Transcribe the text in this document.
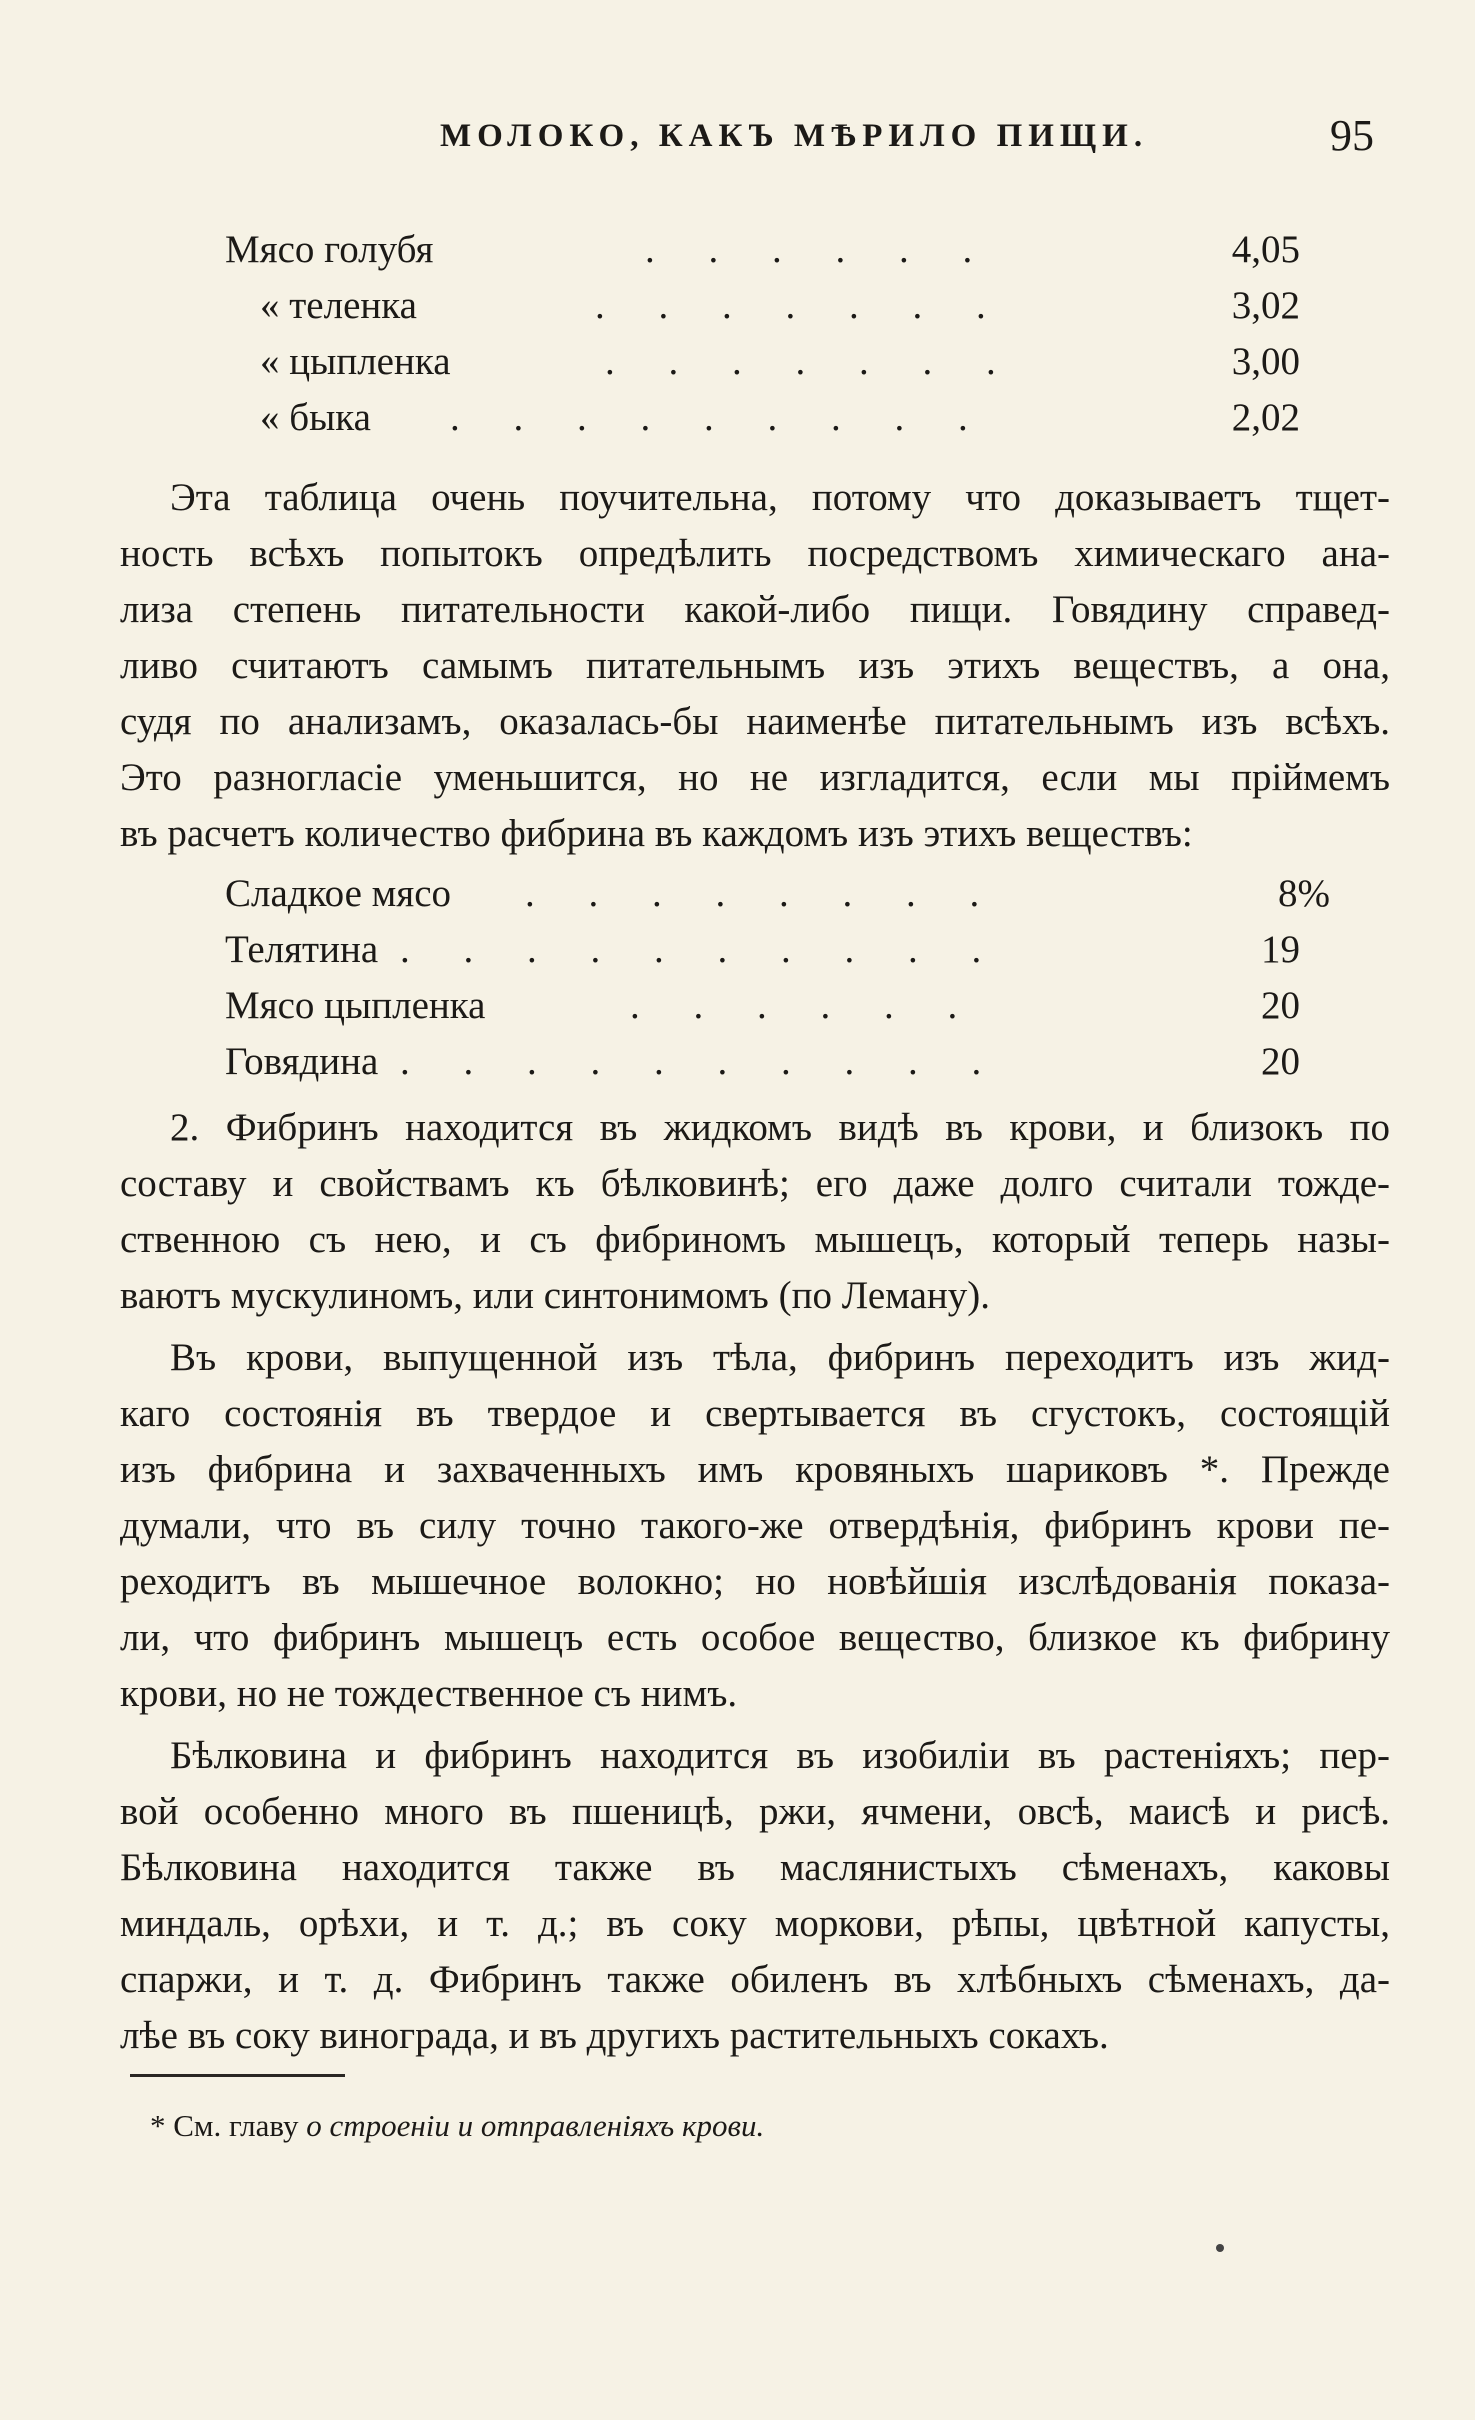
МОЛОКО, КАКЪ МѢРИЛО ПИЩИ.	95
Мясо голубя	. . . . . .	4,05
« теленка	. . . . . . .	3,02
« цыпленка	. . . . . . .	3,00
« быка . . . . . . . . .	2,02
Эта таблица очень поучительна, потому что доказываетъ тщет-
ность всѣхъ попытокъ опредѣлить посредствомъ химическаго ана-
лиза степень питательности какой-либо пищи. Говядину справед-
ливо считаютъ самымъ питательнымъ изъ этихъ веществъ, а она,
судя по анализамъ, оказалась-бы наименѣе питательнымъ изъ всѣхъ.
Это разногласіе уменьшится, но не изгладится, если мы пріймемъ
въ расчетъ количество фибрина въ каждомъ изъ этихъ веществъ:
Сладкое мясо . . . . . . . .	8%
Телятина . . . . . . . . . .	19
Мясо цыпленка	. . . . . .	20
Говядина . . . . . . . . . .	20
2. Фибринъ находится въ жидкомъ видѣ въ крови, и близокъ по
составу и свойствамъ къ бѣлковинѣ; его даже долго считали тожде-
ственною съ нею, и съ фибриномъ мышецъ, который теперь назы-
ваютъ мускулиномъ, или синтонимомъ (по Леману).
Въ крови, выпущенной изъ тѣла, фибринъ переходитъ изъ жид-
каго состоянія въ твердое и свертывается въ сгустокъ, состоящій
изъ фибрина и захваченныхъ имъ кровяныхъ шариковъ *. Прежде
думали, что въ силу точно такого-же отвердѣнія, фибринъ крови пе-
реходитъ въ мышечное волокно; но новѣйшія изслѣдованія показа-
ли, что фибринъ мышецъ есть особое вещество, близкое къ фибрину
крови, но не тождественное съ нимъ.
Бѣлковина и фибринъ находится въ изобиліи въ растеніяхъ; пер-
вой особенно много въ пшеницѣ, ржи, ячмени, овсѣ, маисѣ и рисѣ.
Бѣлковина находится также въ маслянистыхъ сѣменахъ, каковы
миндаль, орѣхи, и т. д.; въ соку моркови, рѣпы, цвѣтной капусты,
спаржи, и т. д. Фибринъ также обиленъ въ хлѣбныхъ сѣменахъ, да-
лѣе въ соку винограда, и въ другихъ растительныхъ сокахъ.
* См. главу о строеніи и отправленіяхъ крови.
